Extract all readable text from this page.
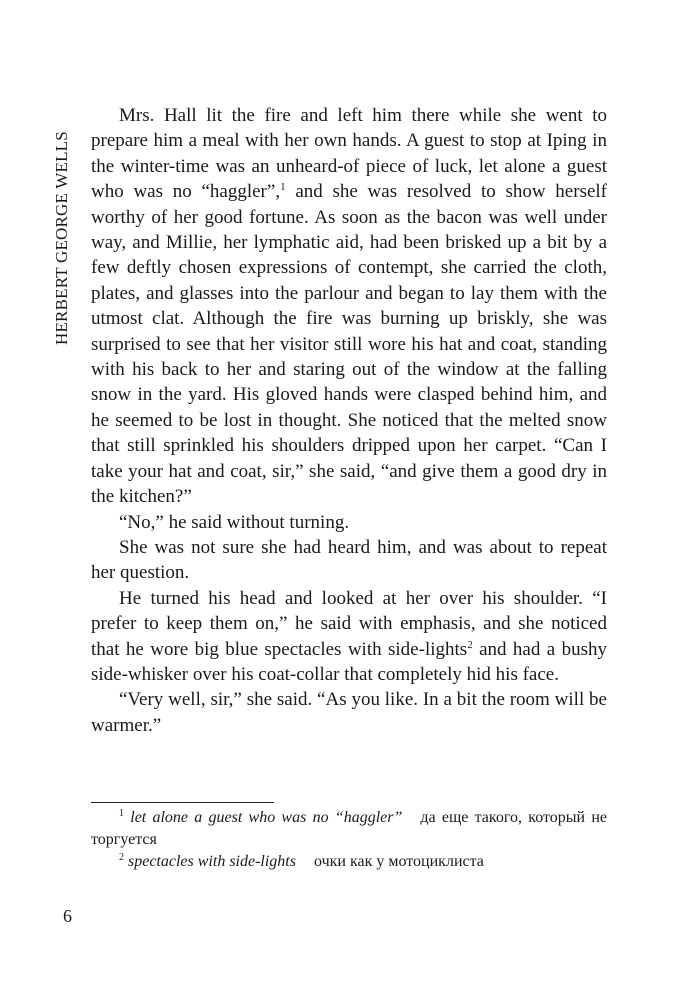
HERBERT GEORGE WELLS

Mrs. Hall lit the fire and left him there while she went to prepare him a meal with her own hands. A guest to stop at Iping in the winter-time was an unheard-of piece of luck, let alone a guest who was no “haggler”,$^1$ and she was resolved to show herself worthy of her good fortune. As soon as the bacon was well under way, and Millie, her lymphatic aid, had been brisked up a bit by a few deftly chosen expressions of contempt, she carried the cloth, plates, and glasses into the parlour and began to lay them with the utmost clat. Although the fire was burning up briskly, she was surprised to see that her visitor still wore his hat and coat, standing with his back to her and staring out of the window at the falling snow in the yard. His gloved hands were clasped behind him, and he seemed to be lost in thought. She noticed that the melted snow that still sprinkled his shoulders dripped upon her carpet. “Can I take your hat and coat, sir,” she said, “and give them a good dry in the kitchen?”

“No,” he said without turning.

She was not sure she had heard him, and was about to repeat her question.

He turned his head and looked at her over his shoulder. “I prefer to keep them on,” he said with emphasis, and she noticed that he wore big blue spectacles with side-lights$^2$ and had a bushy side-whisker over his coat-collar that completely hid his face.

“Very well, sir,” she said. “As you like. In a bit the room will be warmer.”

$^1$ let alone a guest who was no “haggler” да еще такого, который не торгуется

$^2$ spectacles with side-lights очки как у мотоциклиста

6
